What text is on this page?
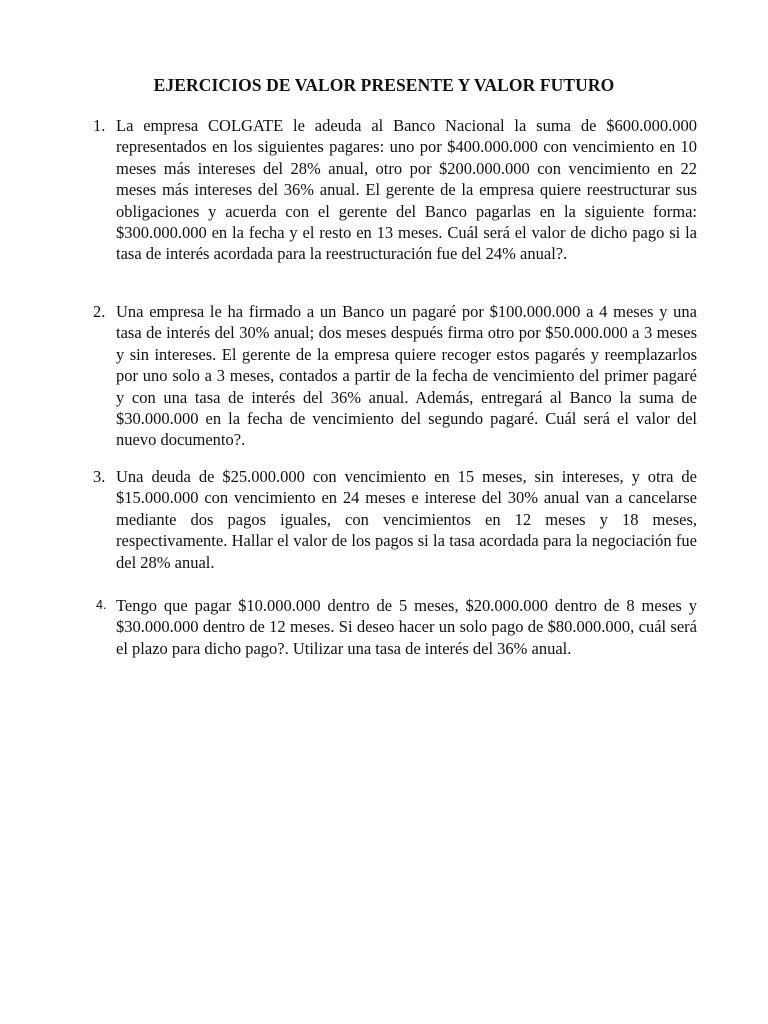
EJERCICIOS DE VALOR PRESENTE Y VALOR FUTURO
1. La empresa COLGATE le adeuda al Banco Nacional la suma de $600.000.000 representados en los siguientes pagares: uno por $400.000.000 con vencimiento en 10 meses más intereses del 28% anual, otro por $200.000.000 con vencimiento en 22 meses más intereses del 36% anual. El gerente de la empresa quiere reestructurar sus obligaciones y acuerda con el gerente del Banco pagarlas en la siguiente forma: $300.000.000 en la fecha y el resto en 13 meses. Cuál será el valor de dicho pago si la tasa de interés acordada para la reestructuración fue del 24% anual?.

2. Una empresa le ha firmado a un Banco un pagaré por $100.000.000 a 4 meses y una tasa de interés del 30% anual; dos meses después firma otro por $50.000.000 a 3 meses y sin intereses. El gerente de la empresa quiere recoger estos pagarés y reemplazarlos por uno solo a 3 meses, contados a partir de la fecha de vencimiento del primer pagaré y con una tasa de interés del 36% anual. Además, entregará al Banco la suma de $30.000.000 en la fecha de vencimiento del segundo pagaré. Cuál será el valor del nuevo documento?.

3. Una deuda de $25.000.000 con vencimiento en 15 meses, sin intereses, y otra de $15.000.000 con vencimiento en 24 meses e interese del 30% anual van a cancelarse mediante dos pagos iguales, con vencimientos en 12 meses y 18 meses, respectivamente. Hallar el valor de los pagos si la tasa acordada para la negociación fue del 28% anual.

4. Tengo que pagar $10.000.000 dentro de 5 meses, $20.000.000 dentro de 8 meses y $30.000.000 dentro de 12 meses. Si deseo hacer un solo pago de $80.000.000, cuál será el plazo para dicho pago?. Utilizar una tasa de interés del 36% anual.
